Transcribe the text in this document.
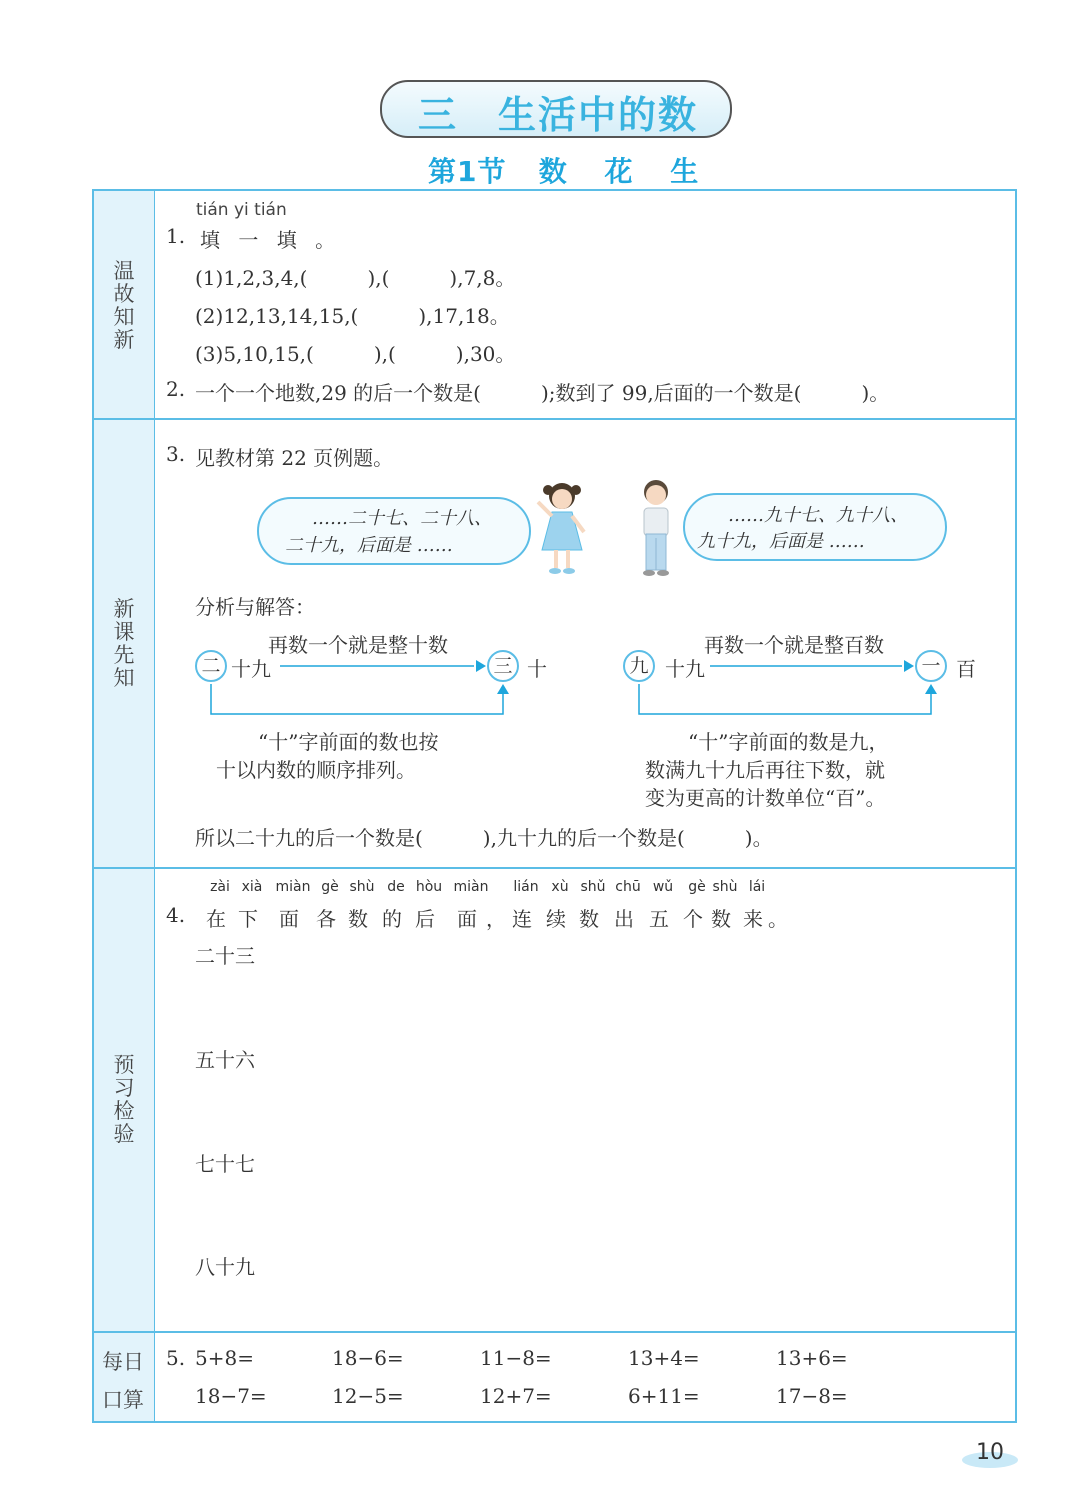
三 生活中的数
第1节 数 花 生
温故知新
新课先知
预习检验
每日
口算
tián yi tián
1. 填 一 填 。
(1)1,2,3,4,(　　　),(　　　),7,8。
(2)12,13,14,15,(　　　),17,18。
(3)5,10,15,(　　　),(　　　),30。
2. 一个一个地数,29 的后一个数是(　　　);数到了 99,后面的一个数是(　　　)。
3. 见教材第 22 页例题。
……二十七、二十八、
二十九，后面是 ……
……九十七、九十八、
九十九，后面是 ……
分析与解答：
再数一个就是整十数
二 十九	三 十
“十”字前面的数也按
十以内数的顺序排列。
再数一个就是整百数
九 十九	一 百
“十”字前面的数是九，
数满九十九后再往下数，就
变为更高的计数单位“百”。
所以二十九的后一个数是(　　　),九十九的后一个数是(　　　)。
4.
zài
在
xià
下
miàn
面
gè
各
shù
数
de
的
hòu
后
miàn
面 ，
lián
连
xù
续
shǔ
数
chū
出
wǔ
五
gè
个
shù
数
lái
来 。
二十三
五十六
七十七
八十九
5. 5+8=	18−6=	11−8=	13+4=	13+6=
18−7=	12−5=	12+7=	6+11=	17−8=
10
